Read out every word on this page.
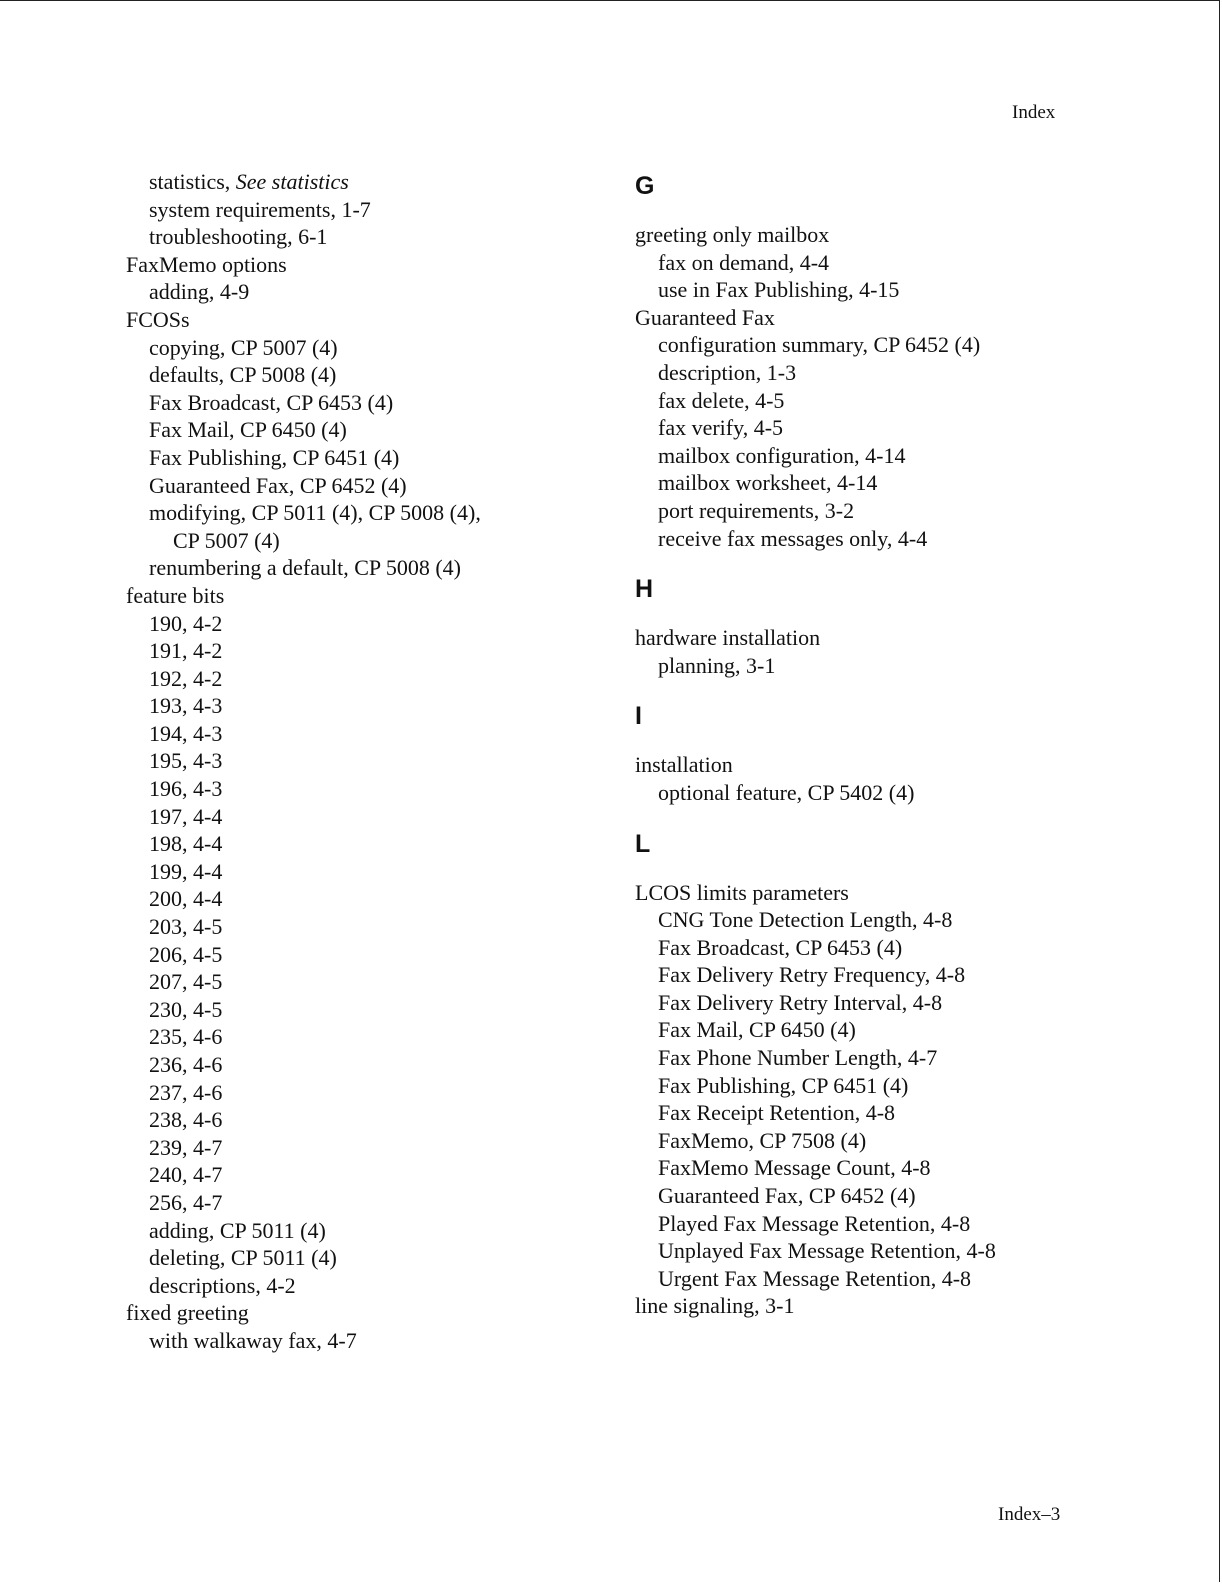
Index
statistics, See statistics
system requirements, 1-7
troubleshooting, 6-1
FaxMemo options
adding, 4-9
FCOSs
copying, CP 5007 (4)
defaults, CP 5008 (4)
Fax Broadcast, CP 6453 (4)
Fax Mail, CP 6450 (4)
Fax Publishing, CP 6451 (4)
Guaranteed Fax, CP 6452 (4)
modifying, CP 5011 (4), CP 5008 (4),
CP 5007 (4)
renumbering a default, CP 5008 (4)
feature bits
190, 4-2
191, 4-2
192, 4-2
193, 4-3
194, 4-3
195, 4-3
196, 4-3
197, 4-4
198, 4-4
199, 4-4
200, 4-4
203, 4-5
206, 4-5
207, 4-5
230, 4-5
235, 4-6
236, 4-6
237, 4-6
238, 4-6
239, 4-7
240, 4-7
256, 4-7
adding, CP 5011 (4)
deleting, CP 5011 (4)
descriptions, 4-2
fixed greeting
with walkaway fax, 4-7
G
greeting only mailbox
fax on demand, 4-4
use in Fax Publishing, 4-15
Guaranteed Fax
configuration summary, CP 6452 (4)
description, 1-3
fax delete, 4-5
fax verify, 4-5
mailbox configuration, 4-14
mailbox worksheet, 4-14
port requirements, 3-2
receive fax messages only, 4-4
H
hardware installation
planning, 3-1
I
installation
optional feature, CP 5402 (4)
L
LCOS limits parameters
CNG Tone Detection Length, 4-8
Fax Broadcast, CP 6453 (4)
Fax Delivery Retry Frequency, 4-8
Fax Delivery Retry Interval, 4-8
Fax Mail, CP 6450 (4)
Fax Phone Number Length, 4-7
Fax Publishing, CP 6451 (4)
Fax Receipt Retention, 4-8
FaxMemo, CP 7508 (4)
FaxMemo Message Count, 4-8
Guaranteed Fax, CP 6452 (4)
Played Fax Message Retention, 4-8
Unplayed Fax Message Retention, 4-8
Urgent Fax Message Retention, 4-8
line signaling, 3-1
Index–3
